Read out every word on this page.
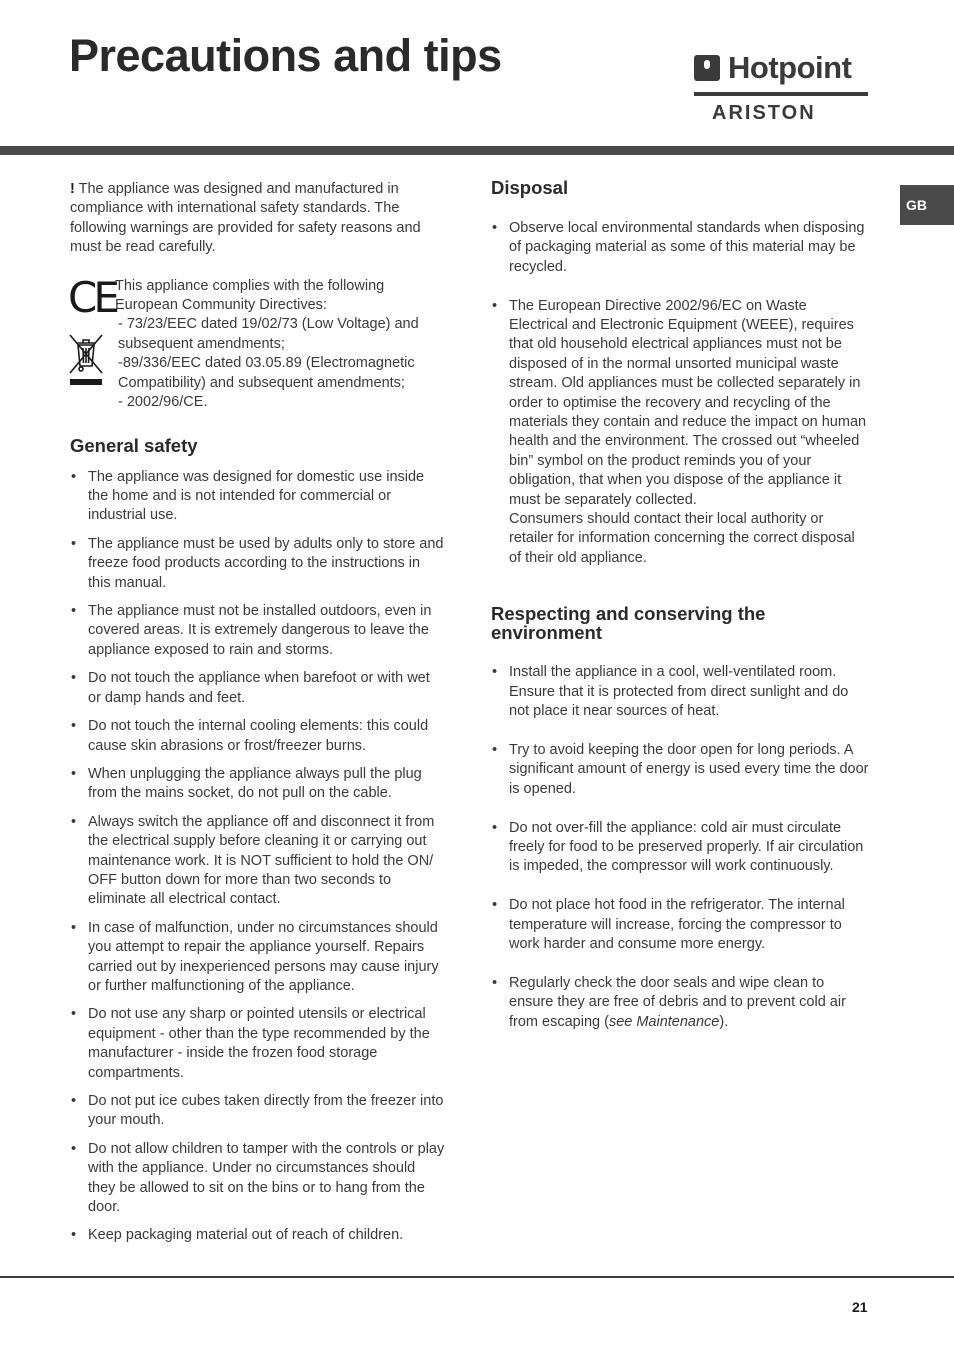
Precautions and tips	Hotpoint
ARISTON
GB

! The appliance was designed and manufactured in compliance with international safety standards. The following warnings are provided for safety reasons and must be read carefully.

CE This appliance complies with the following
European Community Directives:
- 73/23/EEC dated 19/02/73 (Low Voltage) and
subsequent amendments;
-89/336/EEC dated 03.05.89 (Electromagnetic
Compatibility) and subsequent amendments;
- 2002/96/CE.
General safety
• The appliance was designed for domestic use inside the home and is not intended for commercial or industrial use.
• The appliance must be used by adults only to store and freeze food products according to the instructions in this manual.
• The appliance must not be installed outdoors, even in covered areas. It is extremely dangerous to leave the appliance exposed to rain and storms.
• Do not touch the appliance when barefoot or with wet or damp hands and feet.
• Do not touch the internal cooling elements: this could cause skin abrasions or frost/freezer burns.
• When unplugging the appliance always pull the plug from the mains socket, do not pull on the cable.
• Always switch the appliance off and disconnect it from the electrical supply before cleaning it or carrying out maintenance work. It is NOT sufficient to hold the ON/ OFF button down for more than two seconds to eliminate all electrical contact.
• In case of malfunction, under no circumstances should you attempt to repair the appliance yourself. Repairs carried out by inexperienced persons may cause injury or further malfunctioning of the appliance.
• Do not use any sharp or pointed utensils or electrical equipment - other than the type recommended by the manufacturer - inside the frozen food storage compartments.
• Do not put ice cubes taken directly from the freezer into your mouth.
• Do not allow children to tamper with the controls or play with the appliance. Under no circumstances should they be allowed to sit on the bins or to hang from the door.
• Keep packaging material out of reach of children.
Disposal
• Observe local environmental standards when disposing of packaging material as some of this material may be recycled.
• The European Directive 2002/96/EC on Waste Electrical and Electronic Equipment (WEEE), requires that old household electrical appliances must not be disposed of in the normal unsorted municipal waste stream. Old appliances must be collected separately in order to optimise the recovery and recycling of the materials they contain and reduce the impact on human health and the environment. The crossed out “wheeled bin” symbol on the product reminds you of your obligation, that when you dispose of the appliance it must be separately collected.
Consumers should contact their local authority or retailer for information concerning the correct disposal of their old appliance.
Respecting and conserving the environment
• Install the appliance in a cool, well-ventilated room. Ensure that it is protected from direct sunlight and do not place it near sources of heat.
• Try to avoid keeping the door open for long periods. A significant amount of energy is used every time the door is opened.
• Do not over-fill the appliance: cold air must circulate freely for food to be preserved properly. If air circulation is impeded, the compressor will work continuously.
• Do not place hot food in the refrigerator. The internal temperature will increase, forcing the compressor to work harder and consume more energy.
• Regularly check the door seals and wipe clean to ensure they are free of debris and to prevent cold air from escaping (see Maintenance).
21
